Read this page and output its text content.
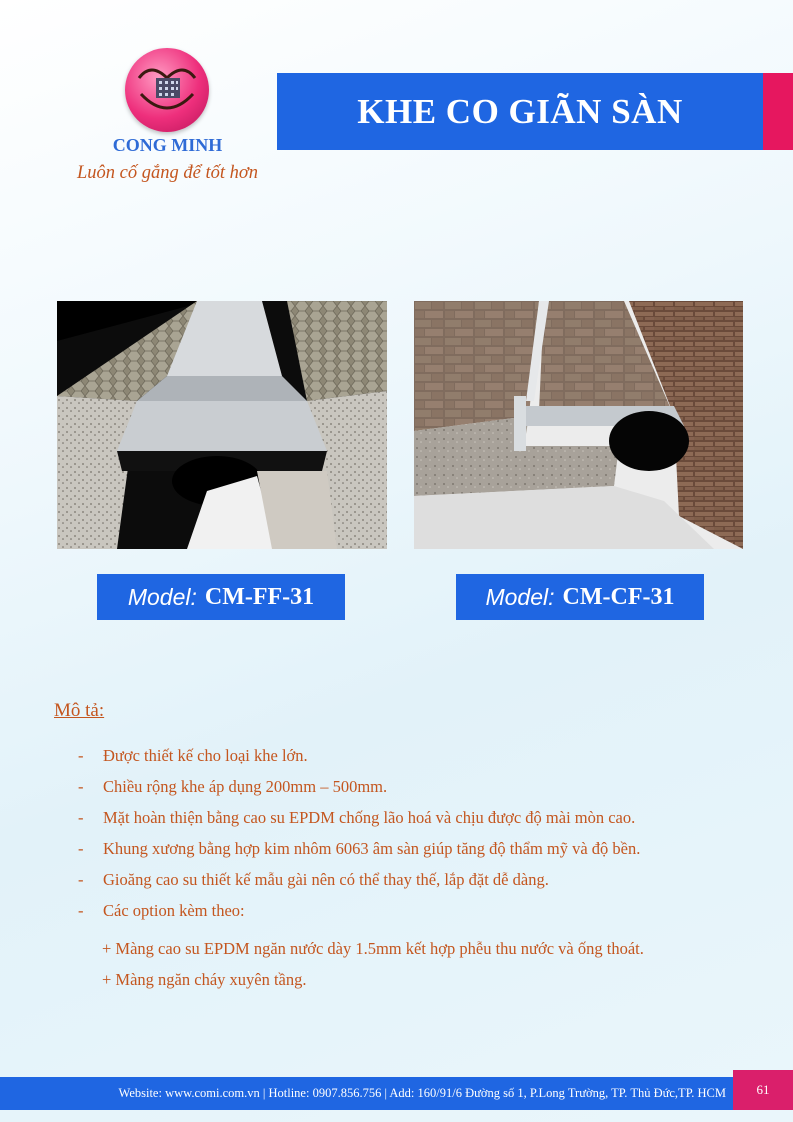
CONG MINH
Luôn cố gắng để tốt hơn
KHE CO GIÃN SÀN
Model: CM-FF-31	Model: CM-CF-31
Mô tả:
-	Được thiết kế cho loại khe lớn.
-	Chiều rộng khe áp dụng 200mm – 500mm.
-	Mặt hoàn thiện bằng cao su EPDM chống lão hoá và chịu được độ mài mòn cao.
-	Khung xương bằng hợp kim nhôm 6063 âm sàn giúp tăng độ thẩm mỹ và độ bền.
-	Gioăng cao su thiết kế mẫu gài nên có thể thay thế, lắp đặt dễ dàng.
-	Các option kèm theo:
+ Màng cao su EPDM ngăn nước dày 1.5mm kết hợp phễu thu nước và ống thoát.
+ Màng ngăn cháy xuyên tầng.
Website: www.comi.com.vn | Hotline: 0907.856.756 | Add: 160/91/6 Đường số 1, P.Long Trường, TP. Thủ Đức,TP. HCM	61
